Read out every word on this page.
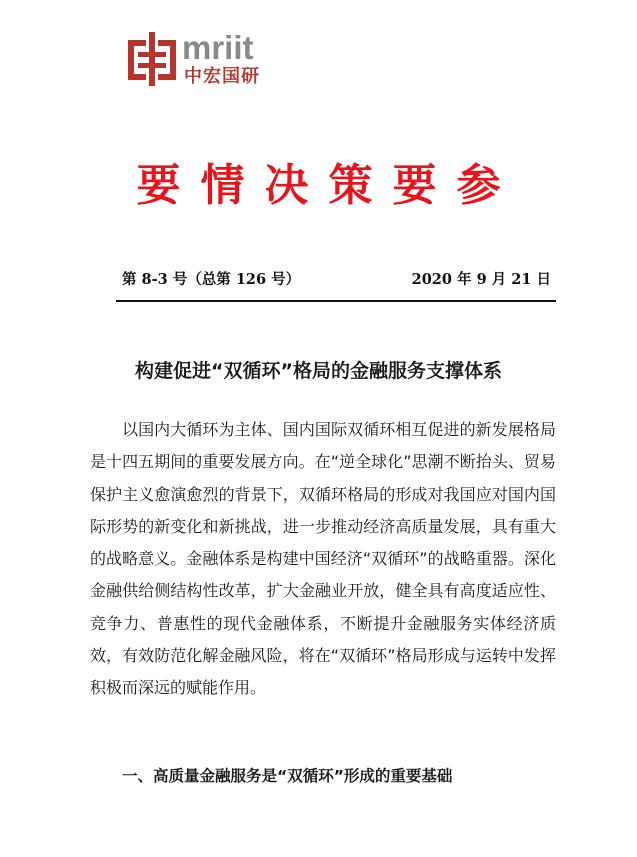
mriit
中宏国研
要情决策要参
第 8-3 号（总第 126 号）	2020 年 9 月 21 日
构建促进“双循环”格局的金融服务支撑体系

以国内大循环为主体、国内国际双循环相互促进的新发展格局是十四五期间的重要发展方向。在“逆全球化”思潮不断抬头、贸易保护主义愈演愈烈的背景下，双循环格局的形成对我国应对国内国际形势的新变化和新挑战，进一步推动经济高质量发展，具有重大的战略意义。金融体系是构建中国经济“双循环”的战略重器。深化金融供给侧结构性改革，扩大金融业开放，健全具有高度适应性、竞争力、普惠性的现代金融体系，不断提升金融服务实体经济质效，有效防范化解金融风险，将在“双循环”格局形成与运转中发挥积极而深远的赋能作用。

一、高质量金融服务是“双循环”形成的重要基础
